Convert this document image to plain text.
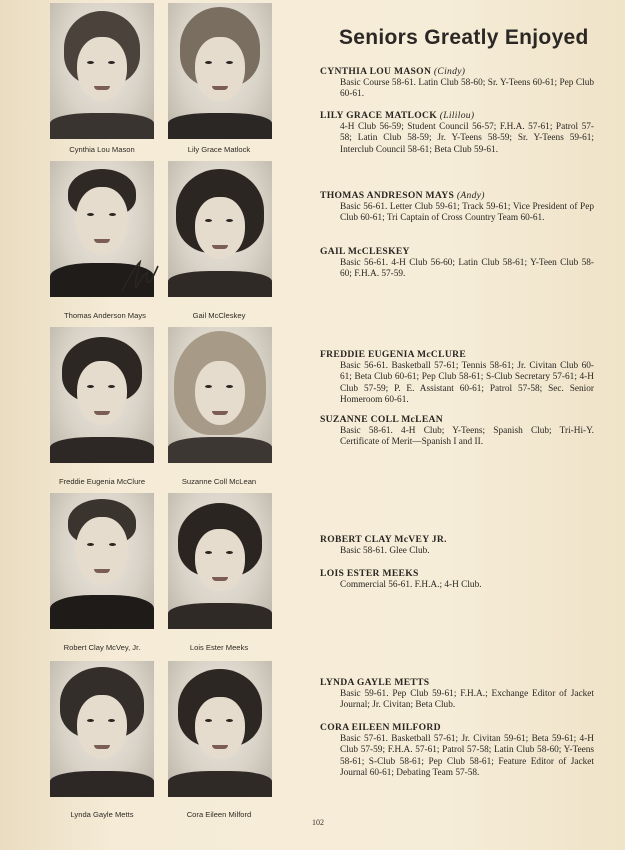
Cynthia Lou Mason	Lily Grace Matlock
Thomas Anderson Mays	Gail McCleskey
Freddie Eugenia McClure	Suzanne Coll McLean
Robert Clay McVey, Jr.	Lois Ester Meeks
Lynda Gayle Metts	Cora Eileen Milford
Seniors Greatly Enjoyed
CYNTHIA LOU MASON (Cindy)
Basic Course 58-61. Latin Club 58-60; Sr. Y-Teens 60-61; Pep Club 60-61.
LILY GRACE MATLOCK (Lililou)
4-H Club 56-59; Student Council 56-57; F.H.A. 57-61; Patrol 57-58; Latin Club 58-59; Jr. Y-Teens 58-59; Sr. Y-Teens 59-61; Interclub Council 58-61; Beta Club 59-61.
THOMAS ANDRESON MAYS (Andy)
Basic 56-61. Letter Club 59-61; Track 59-61; Vice President of Pep Club 60-61; Tri Captain of Cross Country Team 60-61.
GAIL McCLESKEY
Basic 56-61. 4-H Club 56-60; Latin Club 58-61; Y-Teen Club 58-60; F.H.A. 57-59.
FREDDIE EUGENIA McCLURE
Basic 56-61. Basketball 57-61; Tennis 58-61; Jr. Civitan Club 60-61; Beta Club 60-61; Pep Club 58-61; S-Club Secretary 57-61; 4-H Club 57-59; P. E. Assistant 60-61; Patrol 57-58; Sec. Senior Homeroom 60-61.
SUZANNE COLL McLEAN
Basic 58-61. 4-H Club; Y-Teens; Spanish Club; Tri-Hi-Y. Certificate of Merit—Spanish I and II.
ROBERT CLAY McVEY JR.
Basic 58-61. Glee Club.
LOIS ESTER MEEKS
Commercial 56-61. F.H.A.; 4-H Club.
LYNDA GAYLE METTS
Basic 59-61. Pep Club 59-61; F.H.A.; Exchange Editor of Jacket Journal; Jr. Civitan; Beta Club.
CORA EILEEN MILFORD
Basic 57-61. Basketball 57-61; Jr. Civitan 59-61; Beta 59-61; 4-H Club 57-59; F.H.A. 57-61; Patrol 57-58; Latin Club 58-60; Y-Teens 58-61; S-Club 58-61; Pep Club 58-61; Feature Editor of Jacket Journal 60-61; Debating Team 57-58.
102
